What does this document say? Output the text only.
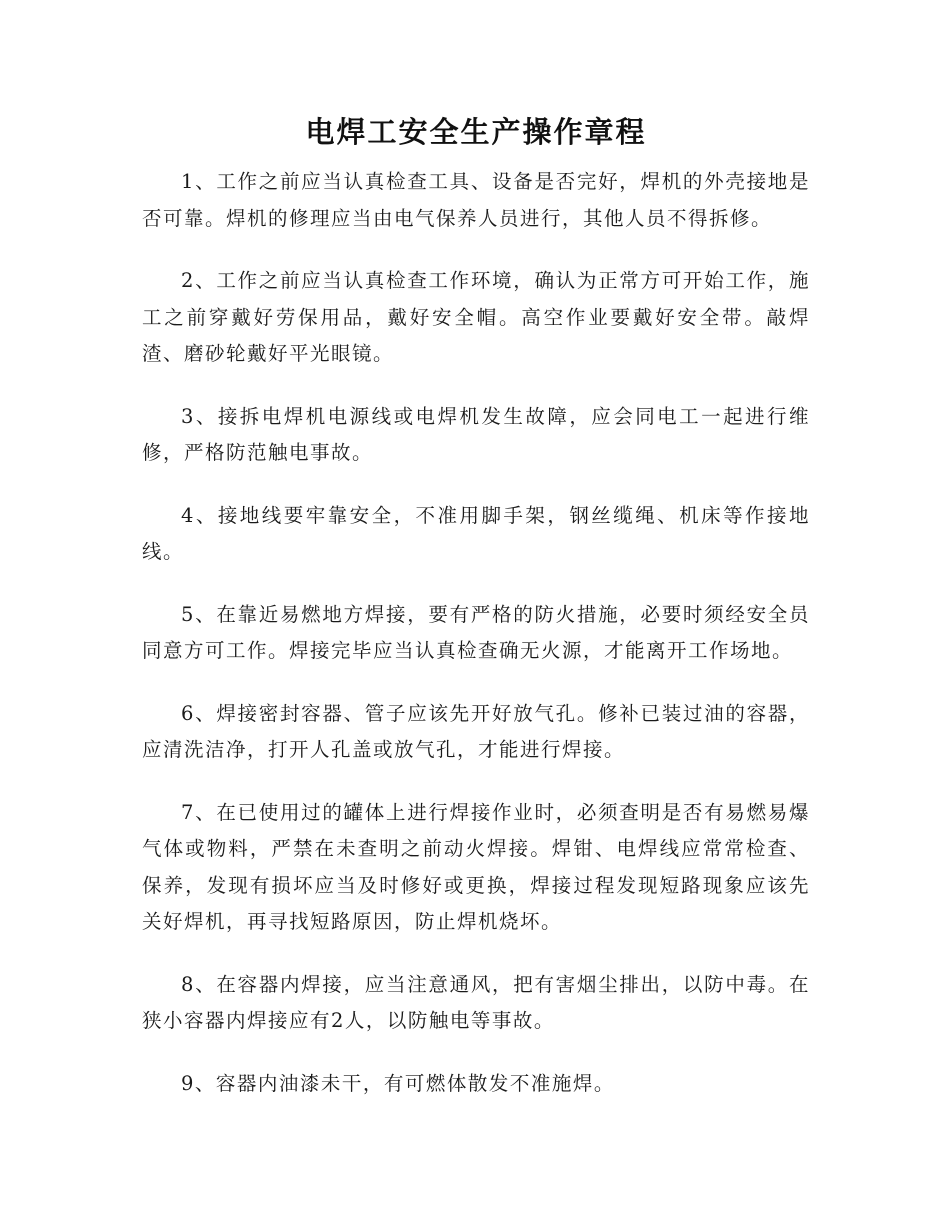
电焊工安全生产操作章程

1、工作之前应当认真检查工具、设备是否完好，焊机的外壳接地是否可靠。焊机的修理应当由电气保养人员进行，其他人员不得拆修。

2、工作之前应当认真检查工作环境，确认为正常方可开始工作，施工之前穿戴好劳保用品，戴好安全帽。高空作业要戴好安全带。敲焊渣、磨砂轮戴好平光眼镜。

3、接拆电焊机电源线或电焊机发生故障，应会同电工一起进行维修，严格防范触电事故。

4、接地线要牢靠安全，不准用脚手架，钢丝缆绳、机床等作接地线。

5、在靠近易燃地方焊接，要有严格的防火措施，必要时须经安全员同意方可工作。焊接完毕应当认真检查确无火源，才能离开工作场地。

6、焊接密封容器、管子应该先开好放气孔。修补已装过油的容器，应清洗洁净，打开人孔盖或放气孔，才能进行焊接。

7、在已使用过的罐体上进行焊接作业时，必须查明是否有易燃易爆气体或物料，严禁在未查明之前动火焊接。焊钳、电焊线应常常检查、保养，发现有损坏应当及时修好或更换，焊接过程发现短路现象应该先关好焊机，再寻找短路原因，防止焊机烧坏。

8、在容器内焊接，应当注意通风，把有害烟尘排出，以防中毒。在狭小容器内焊接应有2人，以防触电等事故。

9、容器内油漆未干，有可燃体散发不准施焊。
